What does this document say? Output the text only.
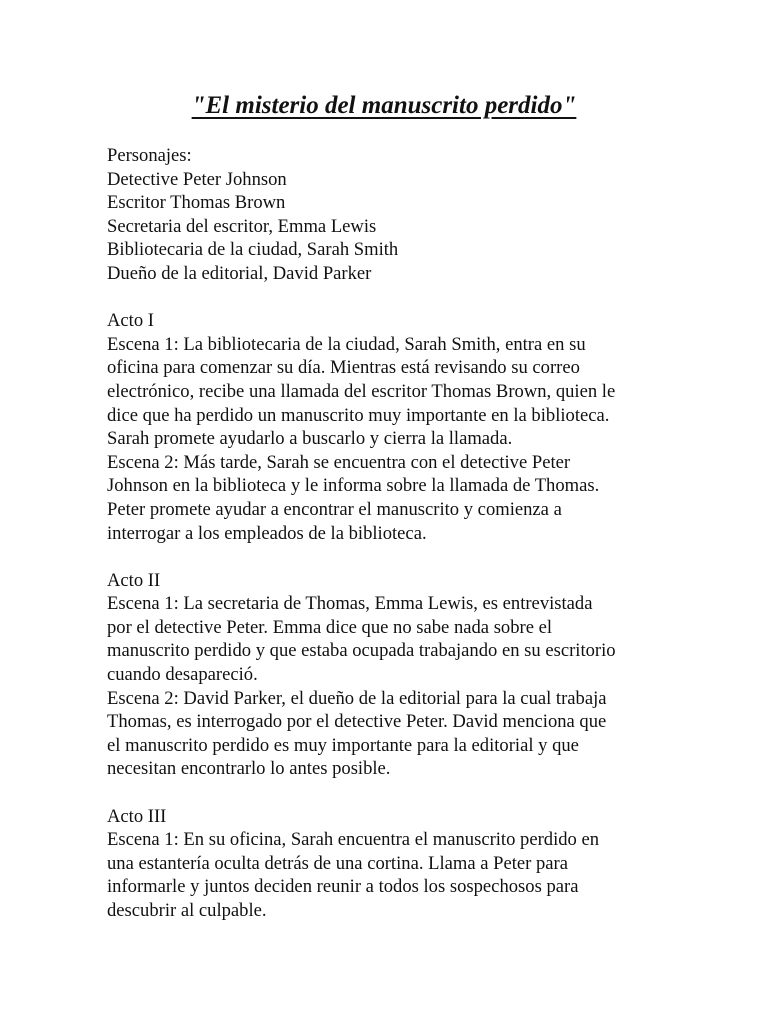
"El misterio del manuscrito perdido"

Personajes:

Detective Peter Johnson

Escritor Thomas Brown

Secretaria del escritor, Emma Lewis

Bibliotecaria de la ciudad, Sarah Smith

Dueño de la editorial, David Parker

Acto I

Escena 1: La bibliotecaria de la ciudad, Sarah Smith, entra en su

oficina para comenzar su día. Mientras está revisando su correo

electrónico, recibe una llamada del escritor Thomas Brown, quien le

dice que ha perdido un manuscrito muy importante en la biblioteca.

Sarah promete ayudarlo a buscarlo y cierra la llamada.

Escena 2: Más tarde, Sarah se encuentra con el detective Peter

Johnson en la biblioteca y le informa sobre la llamada de Thomas.

Peter promete ayudar a encontrar el manuscrito y comienza a

interrogar a los empleados de la biblioteca.

Acto II

Escena 1: La secretaria de Thomas, Emma Lewis, es entrevistada

por el detective Peter. Emma dice que no sabe nada sobre el

manuscrito perdido y que estaba ocupada trabajando en su escritorio

cuando desapareció.

Escena 2: David Parker, el dueño de la editorial para la cual trabaja

Thomas, es interrogado por el detective Peter. David menciona que

el manuscrito perdido es muy importante para la editorial y que

necesitan encontrarlo lo antes posible.

Acto III

Escena 1: En su oficina, Sarah encuentra el manuscrito perdido en

una estantería oculta detrás de una cortina. Llama a Peter para

informarle y juntos deciden reunir a todos los sospechosos para

descubrir al culpable.
